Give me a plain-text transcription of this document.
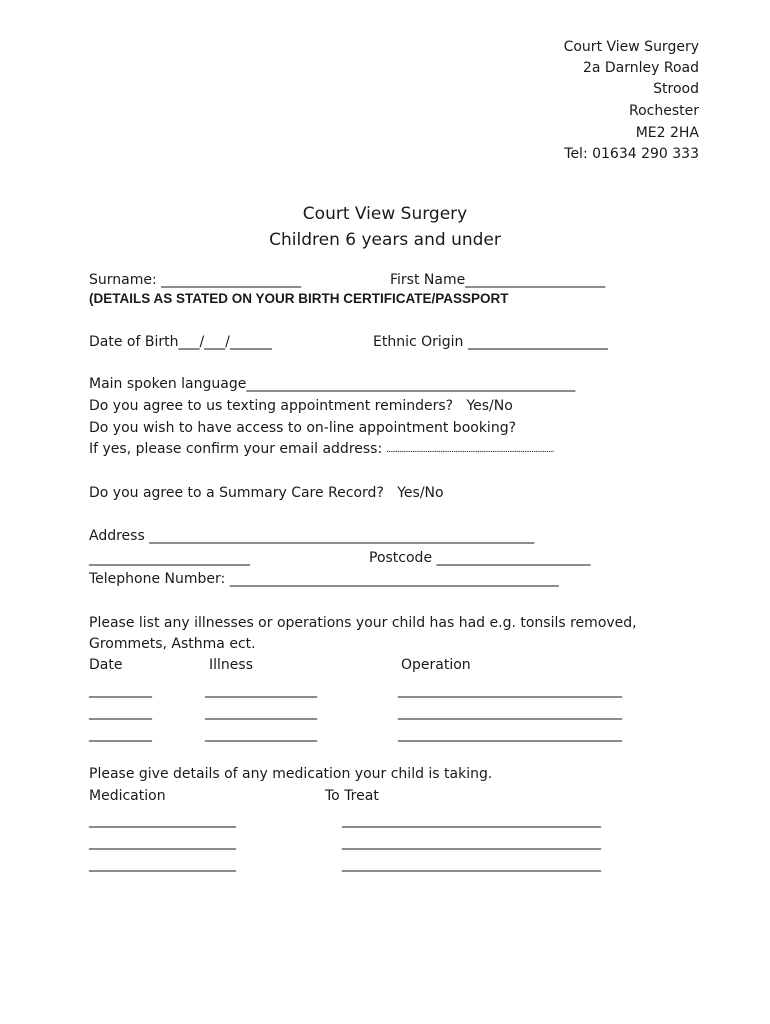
Court View Surgery
2a Darnley Road
Strood
Rochester
ME2 2HA
Tel: 01634 290 333
Court View Surgery
Children 6 years and under
Surname: ____________________	First Name____________________
(DETAILS AS STATED ON YOUR BIRTH CERTIFICATE/PASSPORT
Date of Birth___/___/______	Ethnic Origin ____________________
Main spoken language_______________________________________________
Do you agree to us texting appointment reminders?   Yes/No
Do you wish to have access to on-line appointment booking?
If yes, please confirm your email address: ..........................................................................................
Do you agree to a Summary Care Record?   Yes/No
Address _______________________________________________________
_______________________	Postcode ______________________
Telephone Number: _______________________________________________
Please list any illnesses or operations your child has had e.g. tonsils removed,
Grommets, Asthma ect.
Date	Illness	Operation
_________	________________	________________________________
_________	________________	________________________________
_________	________________	________________________________
Please give details of any medication your child is taking.
Medication	To Treat
_____________________	_____________________________________
_____________________	_____________________________________
_____________________	_____________________________________
